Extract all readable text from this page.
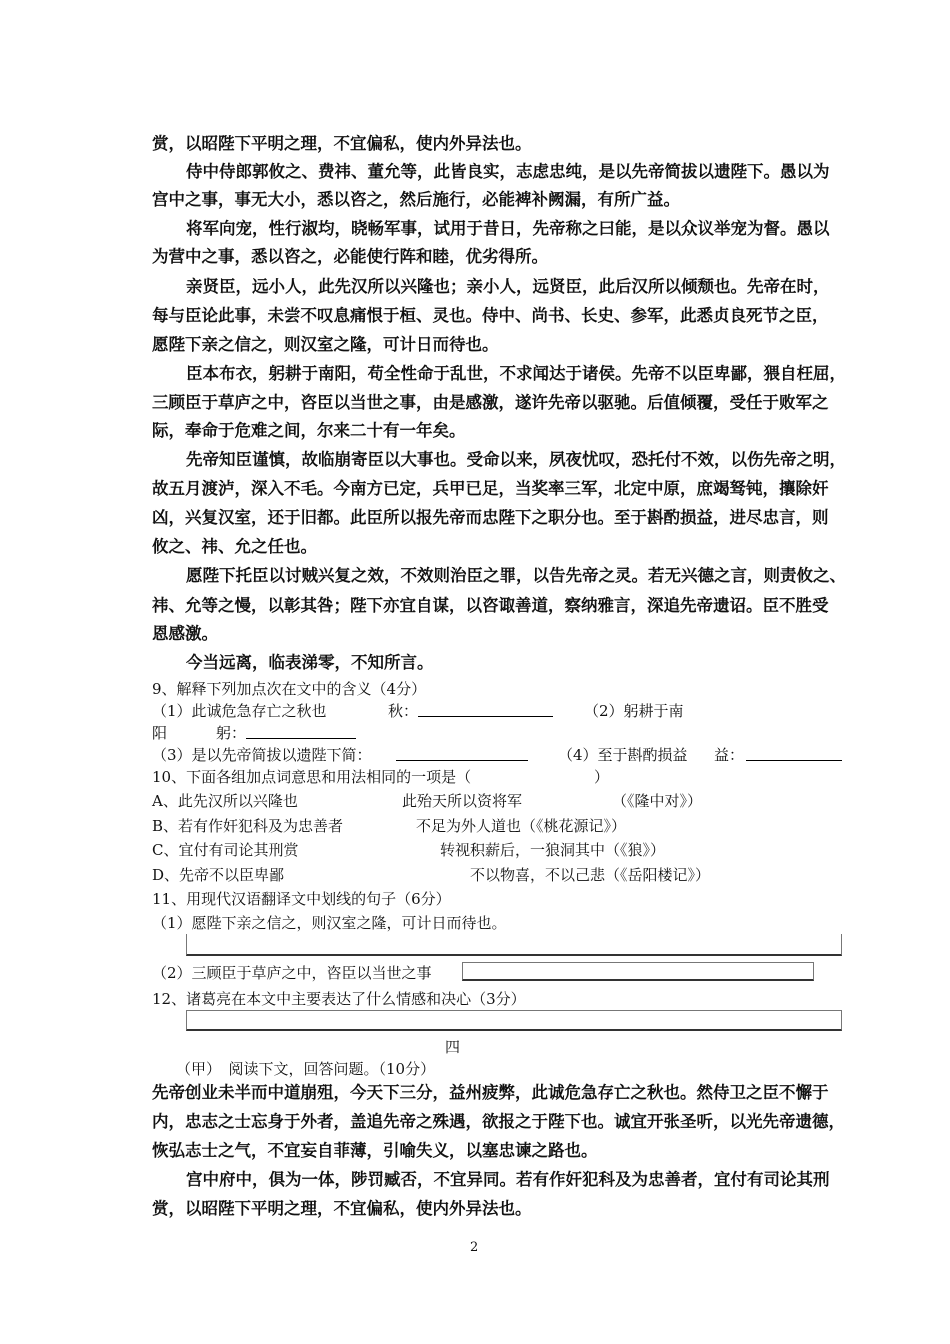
赏，以昭陛下平明之理，不宜偏私，使内外异法也。
侍中侍郎郭攸之、费祎、董允等，此皆良实，志虑忠纯，是以先帝简拔以遗陛下。愚以为
宫中之事，事无大小，悉以咨之，然后施行，必能裨补阙漏，有所广益。
将军向宠，性行淑均，晓畅军事，试用于昔日，先帝称之曰能，是以众议举宠为督。愚以
为营中之事，悉以咨之，必能使行阵和睦，优劣得所。
亲贤臣，远小人，此先汉所以兴隆也；亲小人，远贤臣，此后汉所以倾颓也。先帝在时，
每与臣论此事，未尝不叹息痛恨于桓、灵也。侍中、尚书、长史、参军，此悉贞良死节之臣，
愿陛下亲之信之，则汉室之隆，可计日而待也。
臣本布衣，躬耕于南阳，苟全性命于乱世，不求闻达于诸侯。先帝不以臣卑鄙，猥自枉屈，
三顾臣于草庐之中，咨臣以当世之事，由是感激，遂许先帝以驱驰。后值倾覆，受任于败军之
际，奉命于危难之间，尔来二十有一年矣。
先帝知臣谨慎，故临崩寄臣以大事也。受命以来，夙夜忧叹，恐托付不效，以伤先帝之明，
故五月渡泸，深入不毛。今南方已定，兵甲已足，当奖率三军，北定中原，庶竭驽钝，攘除奸
凶，兴复汉室，还于旧都。此臣所以报先帝而忠陛下之职分也。至于斟酌损益，进尽忠言，则
攸之、祎、允之任也。
愿陛下托臣以讨贼兴复之效，不效则治臣之罪，以告先帝之灵。若无兴德之言，则责攸之、
祎、允等之慢，以彰其咎；陛下亦宜自谋，以咨诹善道，察纳雅言，深追先帝遗诏。臣不胜受
恩感激。
今当远离，临表涕零，不知所言。
9、解释下列加点次在文中的含义（4分）
（1）此诚危急存亡之秋也	秋：	（2）躬耕于南
阳	躬：
（3）是以先帝简拔以遗陛下简：	（4）至于斟酌损益 益：
10、下面各组加点词意思和用法相同的一项是（	）
A、此先汉所以兴隆也	此殆天所以资将军	（《隆中对》）
B、若有作奸犯科及为忠善者	不足为外人道也（《桃花源记》）
C、宜付有司论其刑赏	转视积薪后，一狼洞其中（《狼》）
D、先帝不以臣卑鄙	不以物喜，不以己悲（《岳阳楼记》）
11、用现代汉语翻译文中划线的句子（6分）
（1）愿陛下亲之信之，则汉室之隆，可计日而待也。
（2）三顾臣于草庐之中，咨臣以当世之事
12、诸葛亮在本文中主要表达了什么情感和决心（3分）
四
（甲）　阅读下文，回答问题。（10分）
先帝创业未半而中道崩殂，今天下三分，益州疲弊，此诚危急存亡之秋也。然侍卫之臣不懈于
内，忠志之士忘身于外者，盖追先帝之殊遇，欲报之于陛下也。诚宜开张圣听，以光先帝遗德，
恢弘志士之气，不宜妄自菲薄，引喻失义，以塞忠谏之路也。
宫中府中，俱为一体，陟罚臧否，不宜异同。若有作奸犯科及为忠善者，宜付有司论其刑
赏，以昭陛下平明之理，不宜偏私，使内外异法也。
2
